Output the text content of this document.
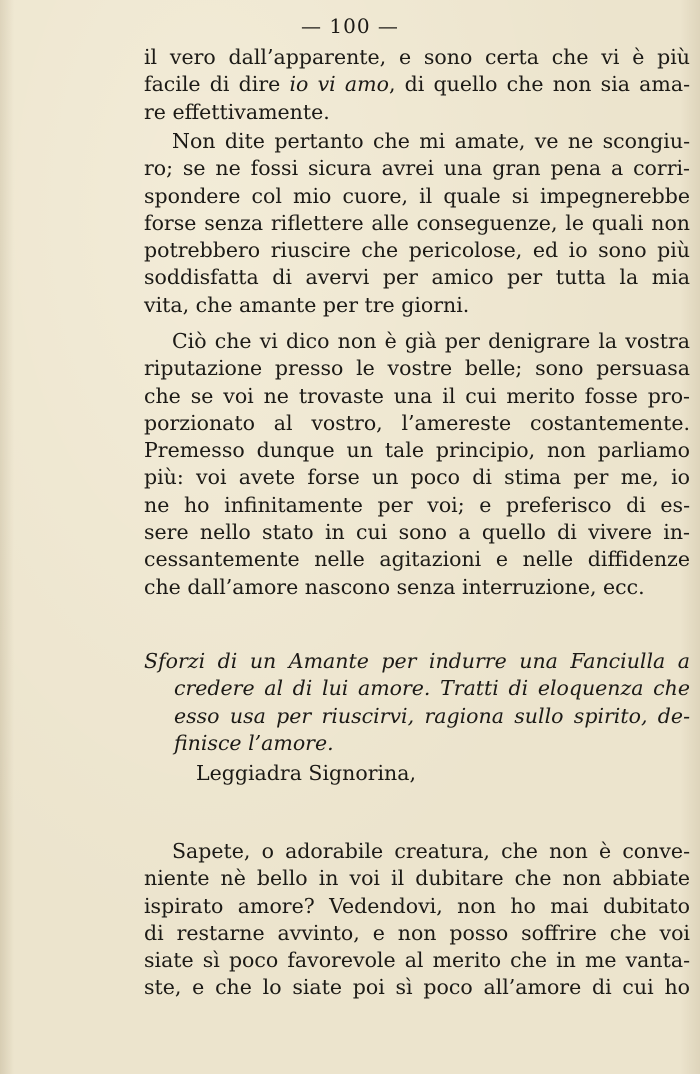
— 100 —
il vero dall’apparente, e sono certa che vi è più
facile di dire io vi amo, di quello che non sia ama-
re effettivamente.
Non dite pertanto che mi amate, ve ne scongiu-
ro; se ne fossi sicura avrei una gran pena a corri-
spondere col mio cuore, il quale si impegnerebbe
forse senza riflettere alle conseguenze, le quali non
potrebbero riuscire che pericolose, ed io sono più
soddisfatta di avervi per amico per tutta la mia
vita, che amante per tre giorni.
Ciò che vi dico non è già per denigrare la vostra
riputazione presso le vostre belle; sono persuasa
che se voi ne trovaste una il cui merito fosse pro-
porzionato al vostro, l’amereste costantemente.
Premesso dunque un tale principio, non parliamo
più: voi avete forse un poco di stima per me, io
ne ho infinitamente per voi; e preferisco di es-
sere nello stato in cui sono a quello di vivere in-
cessantemente nelle agitazioni e nelle diffidenze
che dall’amore nascono senza interruzione, ecc.
Sforzi di un Amante per indurre una Fanciulla a
credere al di lui amore. Tratti di eloquenza che
esso usa per riuscirvi, ragiona sullo spirito, de-
finisce l’amore.
Leggiadra Signorina,
Sapete, o adorabile creatura, che non è conve-
niente nè bello in voi il dubitare che non abbiate
ispirato amore? Vedendovi, non ho mai dubitato
di restarne avvinto, e non posso soffrire che voi
siate sì poco favorevole al merito che in me vanta-
ste, e che lo siate poi sì poco all’amore di cui ho
